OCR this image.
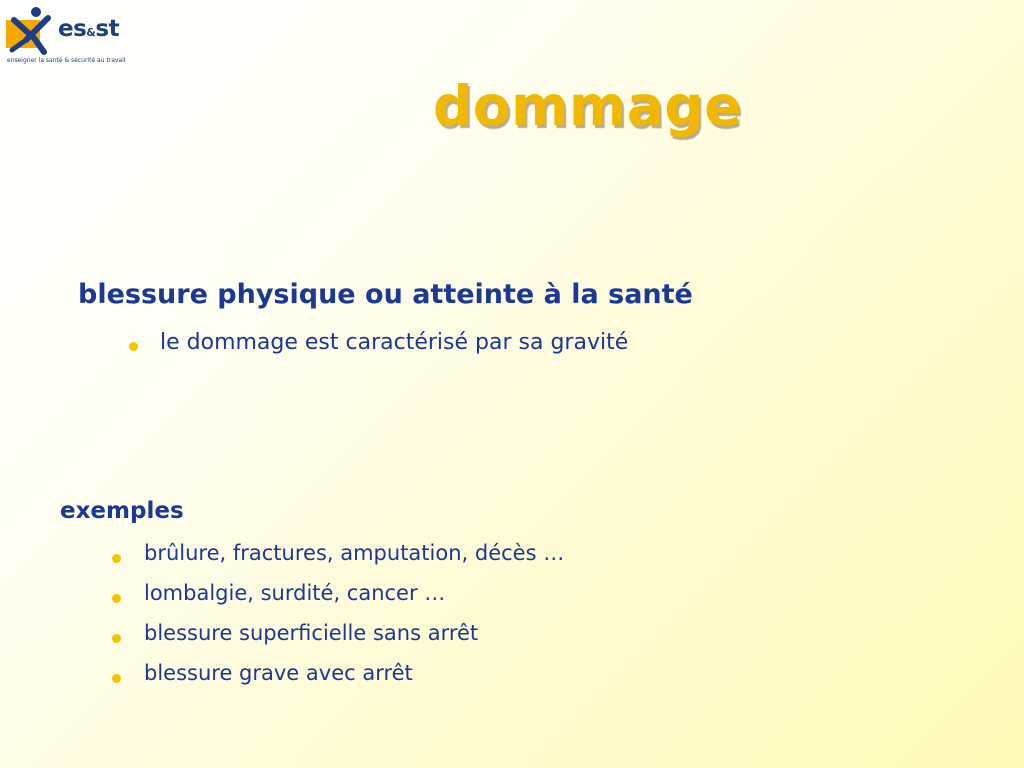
es&st
enseigner la santé & sécurité au travail
dommage
blessure physique ou atteinte à la santé
le dommage est caractérisé par sa gravité
exemples
brûlure, fractures, amputation, décès …
lombalgie, surdité, cancer …
blessure superficielle sans arrêt
blessure grave avec arrêt
